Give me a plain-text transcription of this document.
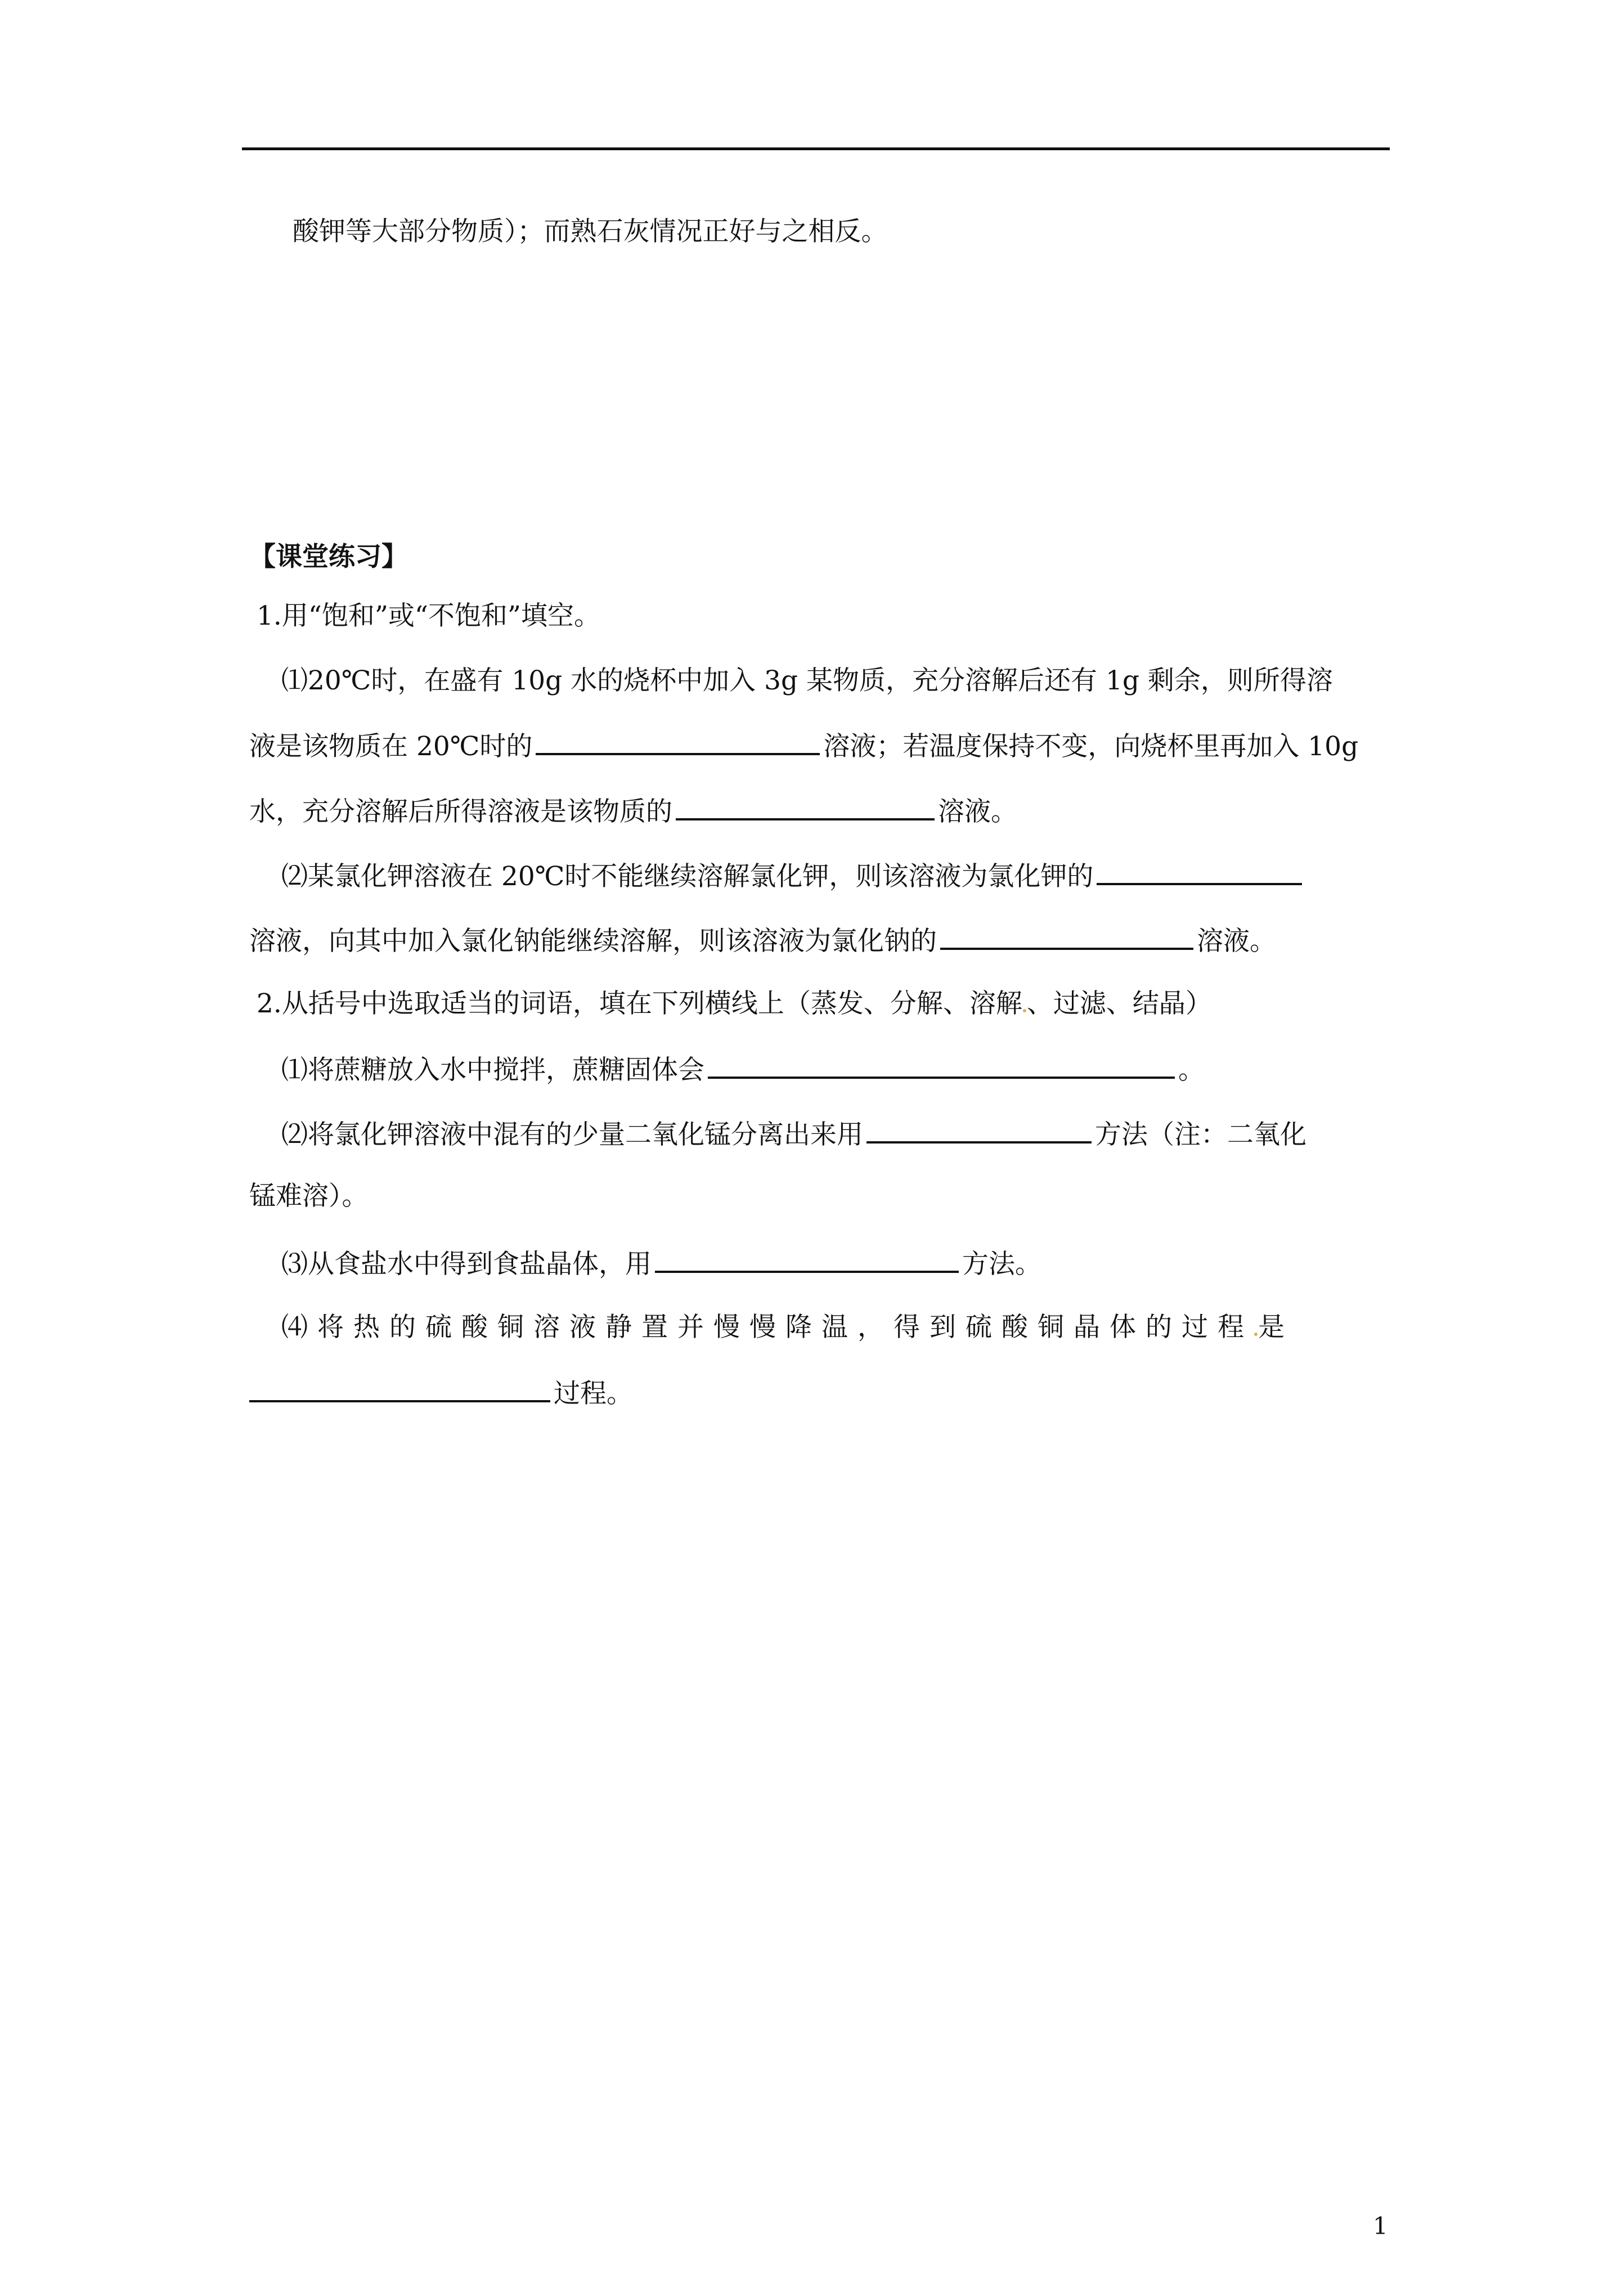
酸钾等大部分物质）；而熟石灰情况正好与之相反。
【课堂练习】
1.用“饱和”或“不饱和”填空。
⑴20℃时，在盛有 10g 水的烧杯中加入 3g 某物质，充分溶解后还有 1g 剩余，则所得溶
液是该物质在 20℃时的	溶液；若温度保持不变，向烧杯里再加入 10g
水，充分溶解后所得溶液是该物质的	溶液。
⑵某氯化钾溶液在 20℃时不能继续溶解氯化钾，则该溶液为氯化钾的
溶液，向其中加入氯化钠能继续溶解，则该溶液为氯化钠的	溶液。
2.从括号中选取适当的词语，填在下列横线上（蒸发、分解、溶解 、过滤、结晶）
⑴将蔗糖放入水中搅拌，蔗糖固体会	。
⑵将氯化钾溶液中混有的少量二氧化锰分离出来用	方法（注：二氧化
锰难溶）。
⑶从食盐水中得到食盐晶体，用	方法。
⑷将热的硫酸铜溶液静置并慢慢降温，得到硫酸铜晶体的过程 是
过程。
1
